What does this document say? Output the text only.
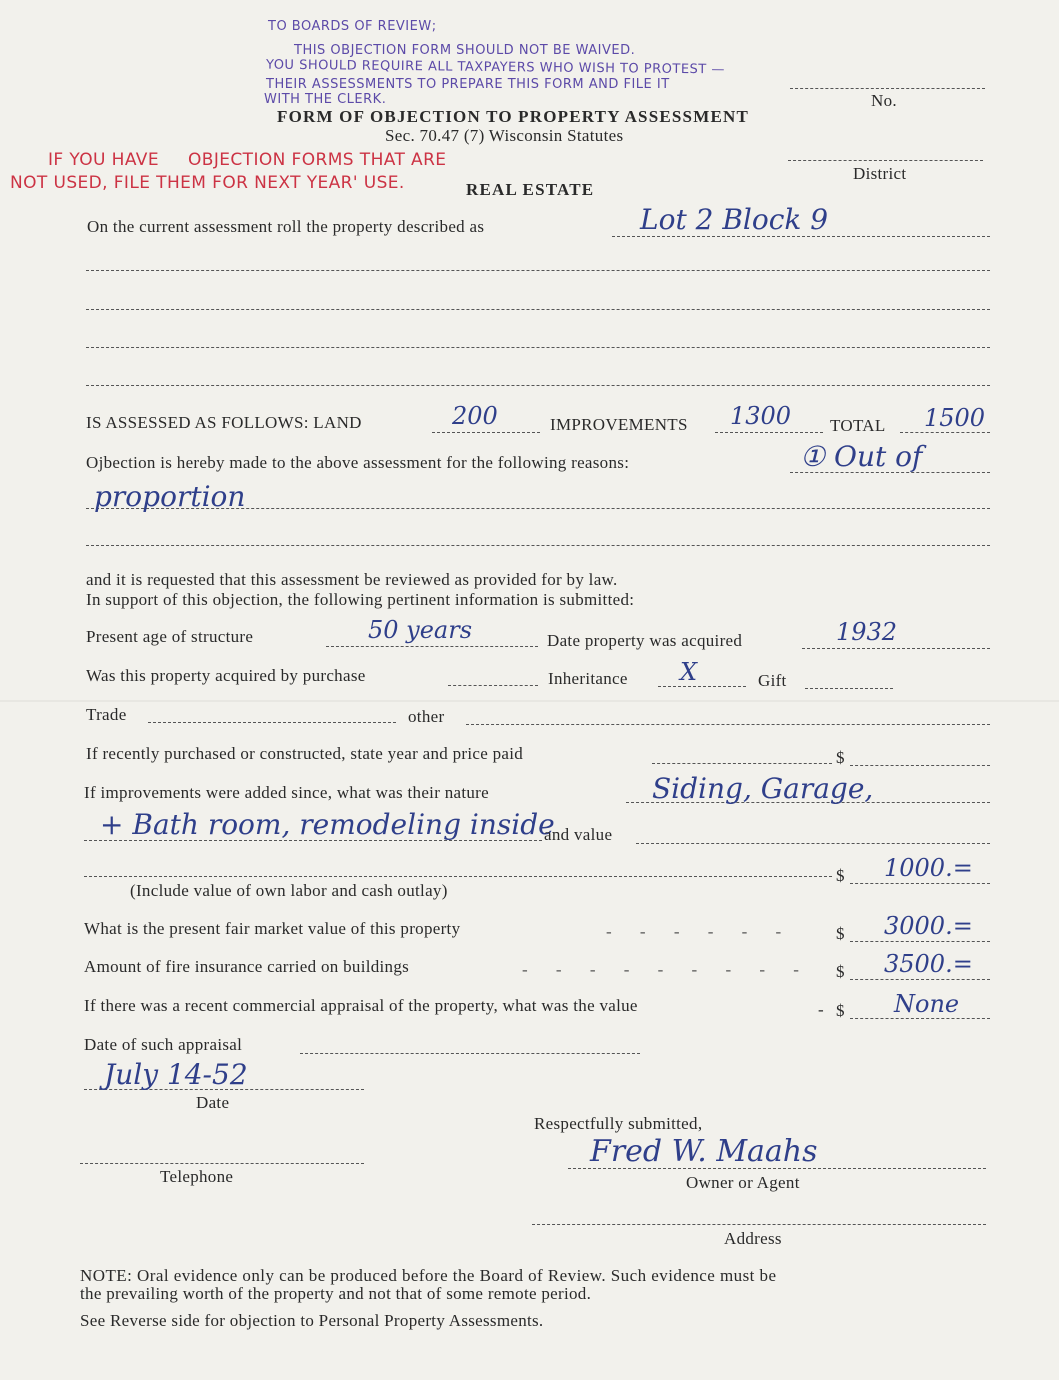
TO BOARDS OF REVIEW;
THIS OBJECTION FORM SHOULD NOT BE WAIVED.
YOU SHOULD REQUIRE ALL TAXPAYERS WHO WISH TO PROTEST —
THEIR ASSESSMENTS TO PREPARE THIS FORM AND FILE IT
WITH THE CLERK.
IF YOU HAVE     OBJECTION FORMS THAT ARE
NOT USED, FILE THEM FOR NEXT YEAR' USE.
No.
FORM OF OBJECTION TO PROPERTY ASSESSMENT
Sec. 70.47 (7) Wisconsin Statutes
District
REAL ESTATE
On the current assessment roll the property described as	Lot 2 Block 9
IS ASSESSED AS FOLLOWS: LAND	200	IMPROVEMENTS 1300 TOTAL 1500
Ojbection is hereby made to the above assessment for the following reasons:	① Out of
proportion
and it is requested that this assessment be reviewed as provided for by law.
In support of this objection, the following pertinent information is submitted:
Present age of structure	50 years	Date property was acquired	1932
Was this property acquired by purchase	Inheritance X	Gift
Trade	other
If recently purchased or constructed, state year and price paid	$
If improvements were added since, what was their nature	Siding, Garage,
+ Bath room, remodeling inside
and value
$ 1000.=
(Include value of own labor and cash outlay)
What is the present fair market value of this property	- - - - - -	$ 3000.=
Amount of fire insurance carried on buildings	- - - - - - - - - $ 3500.=
If there was a recent commercial appraisal of the property, what was the value	- $ None
Date of such appraisal
July 14-52
Date
Respectfully submitted,
Telephone
Fred W. Maahs
Owner or Agent
Address
NOTE: Oral evidence only can be produced before the Board of Review. Such evidence must be
the prevailing worth of the property and not that of some remote period.
See Reverse side for objection to Personal Property Assessments.
